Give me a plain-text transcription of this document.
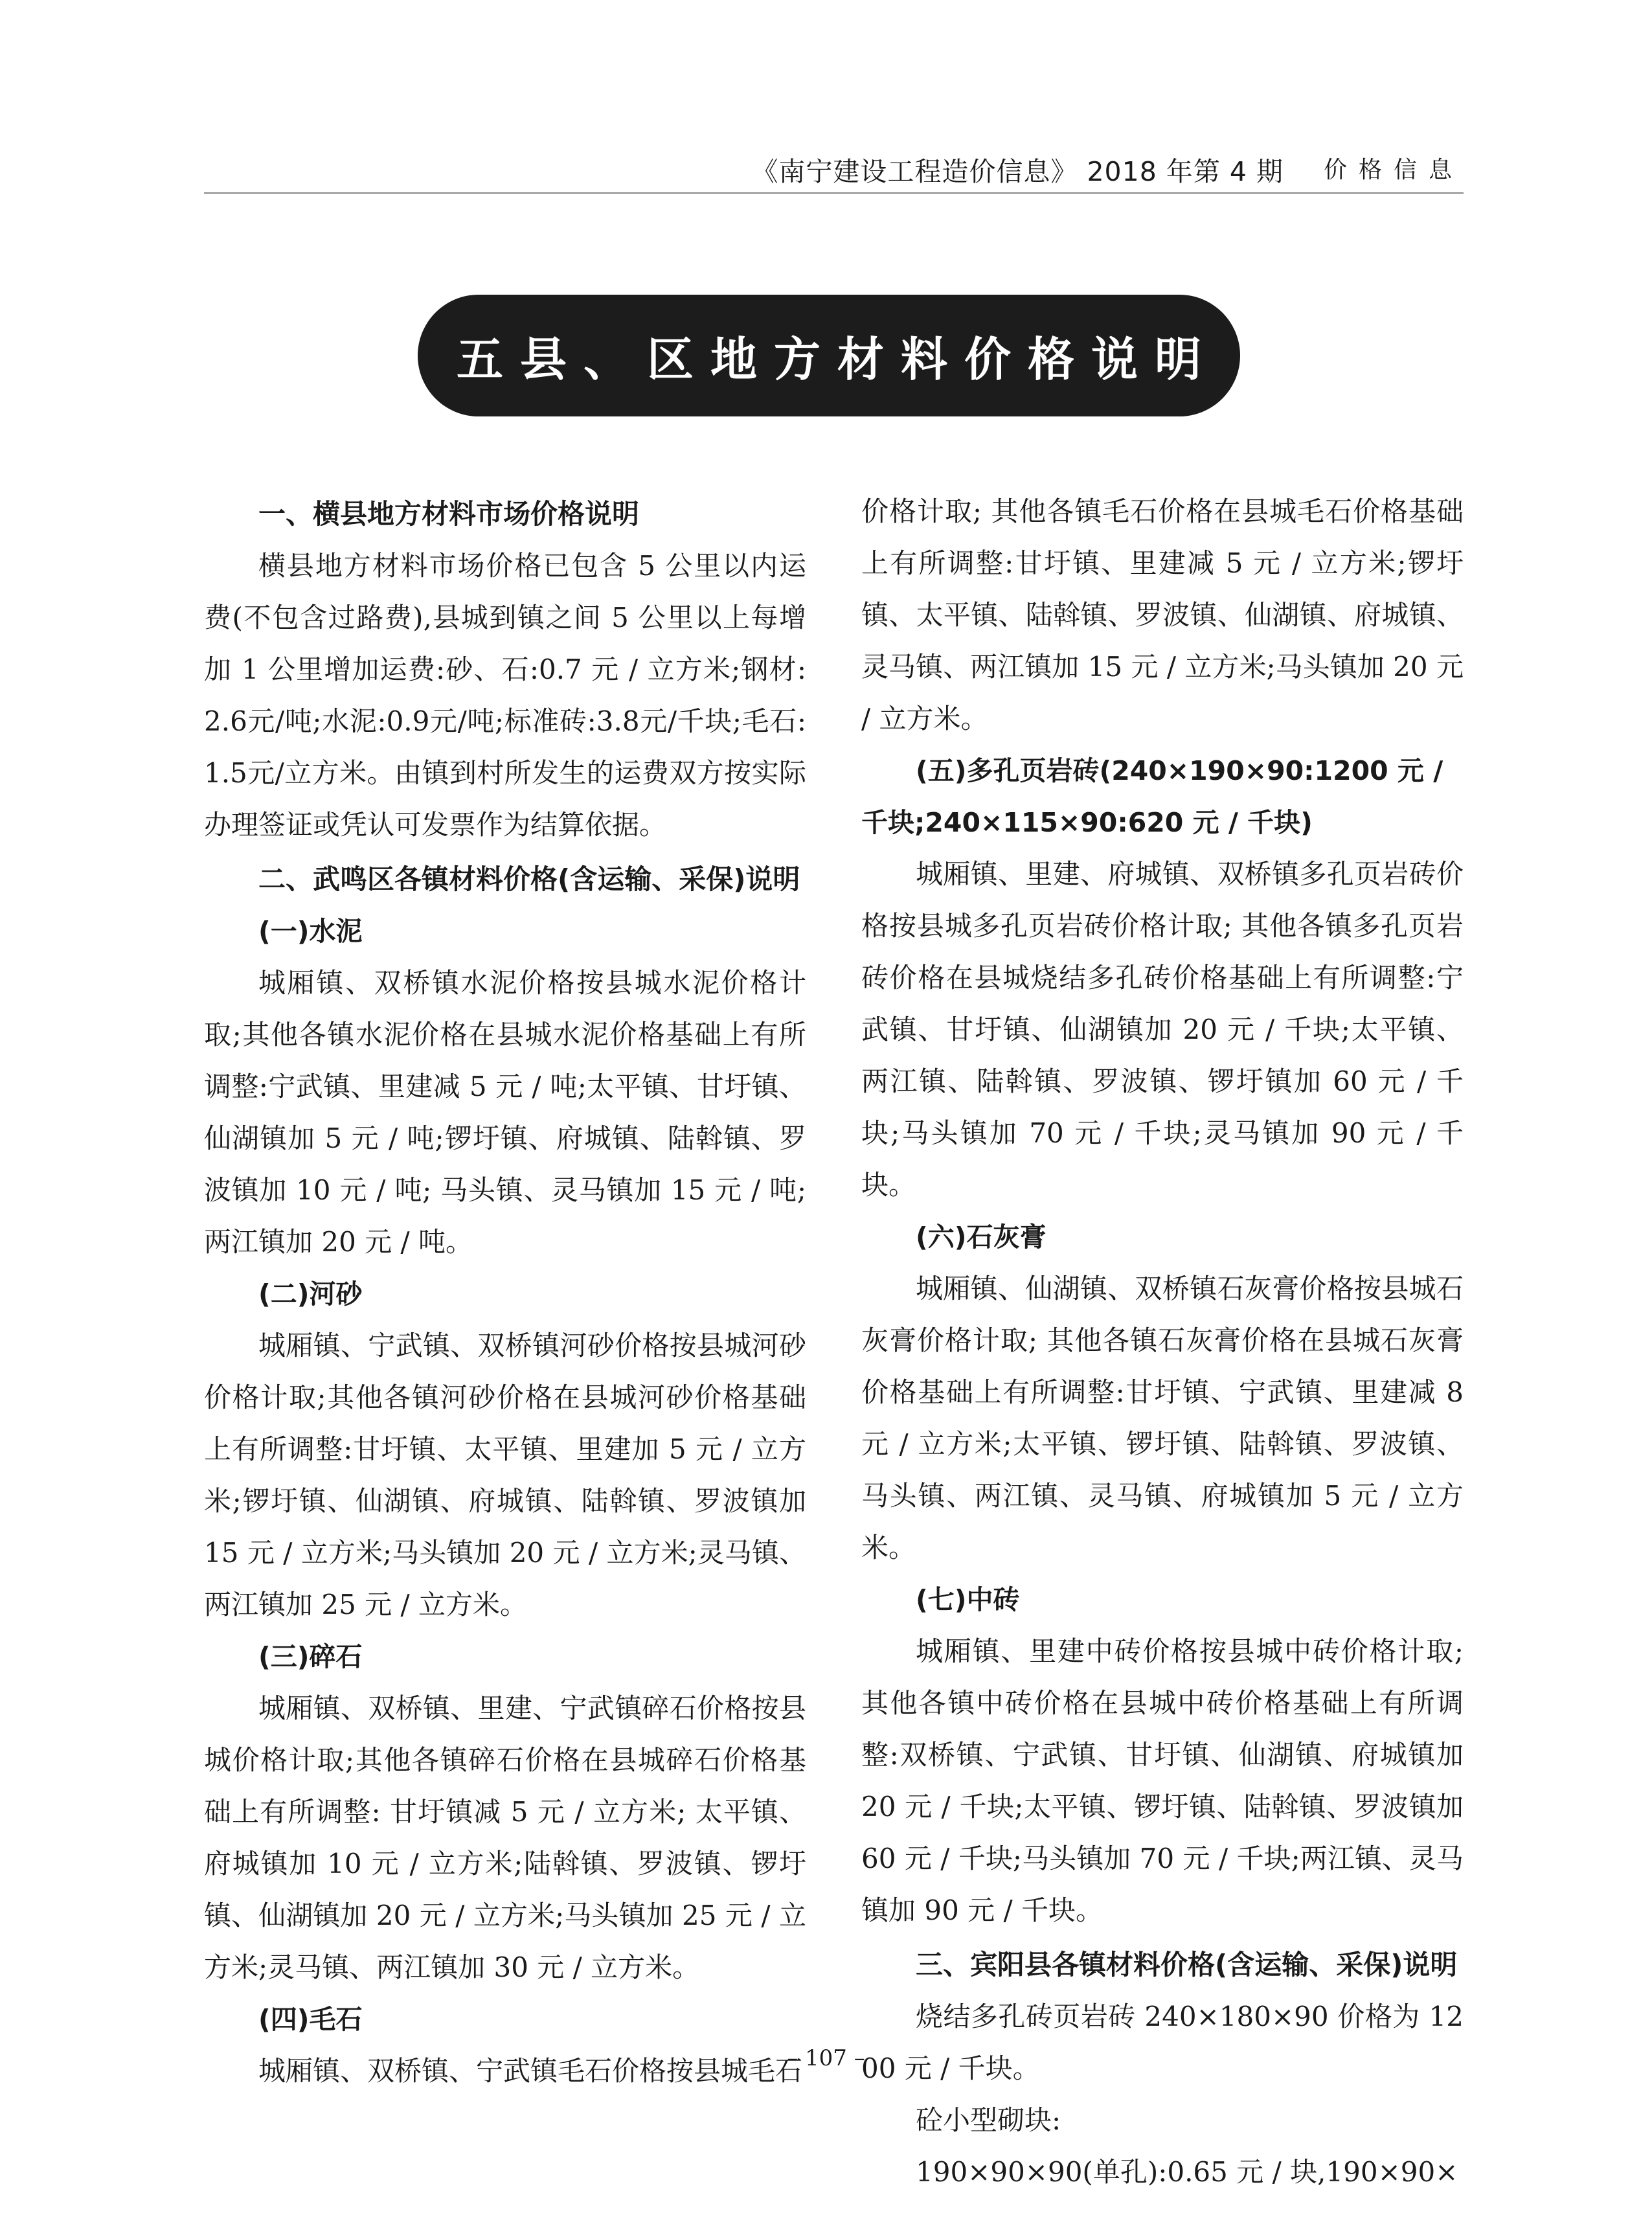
《南宁建设工程造价信息》 2018 年第 4 期 价格信息
五县、区地方材料价格说明

一、横县地方材料市场价格说明

横县地方材料市场价格已包含 5 公里以内运费(不包含过路费),县城到镇之间 5 公里以上每增加 1 公里增加运费:砂、石:0.7 元 / 立方米;钢材:2.6元/吨;水泥:0.9元/吨;标准砖:3.8元/千块;毛石:1.5元/立方米。由镇到村所发生的运费双方按实际办理签证或凭认可发票作为结算依据。

二、武鸣区各镇材料价格(含运输、采保)说明

(一)水泥

城厢镇、双桥镇水泥价格按县城水泥价格计取;其他各镇水泥价格在县城水泥价格基础上有所调整:宁武镇、里建减 5 元 / 吨;太平镇、甘圩镇、仙湖镇加 5 元 / 吨;锣圩镇、府城镇、陆斡镇、罗波镇加 10 元 / 吨; 马头镇、灵马镇加 15 元 / 吨;两江镇加 20 元 / 吨。

(二)河砂

城厢镇、宁武镇、双桥镇河砂价格按县城河砂价格计取;其他各镇河砂价格在县城河砂价格基础上有所调整:甘圩镇、太平镇、里建加 5 元 / 立方米;锣圩镇、仙湖镇、府城镇、陆斡镇、罗波镇加 15 元 / 立方米;马头镇加 20 元 / 立方米;灵马镇、两江镇加 25 元 / 立方米。

(三)碎石

城厢镇、双桥镇、里建、宁武镇碎石价格按县城价格计取;其他各镇碎石价格在县城碎石价格基础上有所调整: 甘圩镇减 5 元 / 立方米; 太平镇、府城镇加 10 元 / 立方米;陆斡镇、罗波镇、锣圩镇、仙湖镇加 20 元 / 立方米;马头镇加 25 元 / 立方米;灵马镇、两江镇加 30 元 / 立方米。

(四)毛石

城厢镇、双桥镇、宁武镇毛石价格按县城毛石

价格计取; 其他各镇毛石价格在县城毛石价格基础上有所调整:甘圩镇、里建减 5 元 / 立方米;锣圩镇、太平镇、陆斡镇、罗波镇、仙湖镇、府城镇、灵马镇、两江镇加 15 元 / 立方米;马头镇加 20 元 / 立方米。

(五)多孔页岩砖(240×190×90:1200 元 / 千块;240×115×90:620 元 / 千块)

城厢镇、里建、府城镇、双桥镇多孔页岩砖价格按县城多孔页岩砖价格计取; 其他各镇多孔页岩砖价格在县城烧结多孔砖价格基础上有所调整:宁武镇、甘圩镇、仙湖镇加 20 元 / 千块;太平镇、两江镇、陆斡镇、罗波镇、锣圩镇加 60 元 / 千块;马头镇加 70 元 / 千块;灵马镇加 90 元 / 千块。

(六)石灰膏

城厢镇、仙湖镇、双桥镇石灰膏价格按县城石灰膏价格计取; 其他各镇石灰膏价格在县城石灰膏价格基础上有所调整:甘圩镇、宁武镇、里建减 8 元 / 立方米;太平镇、锣圩镇、陆斡镇、罗波镇、马头镇、两江镇、灵马镇、府城镇加 5 元 / 立方米。

(七)中砖

城厢镇、里建中砖价格按县城中砖价格计取;其他各镇中砖价格在县城中砖价格基础上有所调整:双桥镇、宁武镇、甘圩镇、仙湖镇、府城镇加 20 元 / 千块;太平镇、锣圩镇、陆斡镇、罗波镇加 60 元 / 千块;马头镇加 70 元 / 千块;两江镇、灵马镇加 90 元 / 千块。

三、宾阳县各镇材料价格(含运输、采保)说明

烧结多孔砖页岩砖 240×180×90 价格为 1200 元 / 千块。

砼小型砌块:

190×90×90(单孔):0.65 元 / 块,190×90×

– 107 –
